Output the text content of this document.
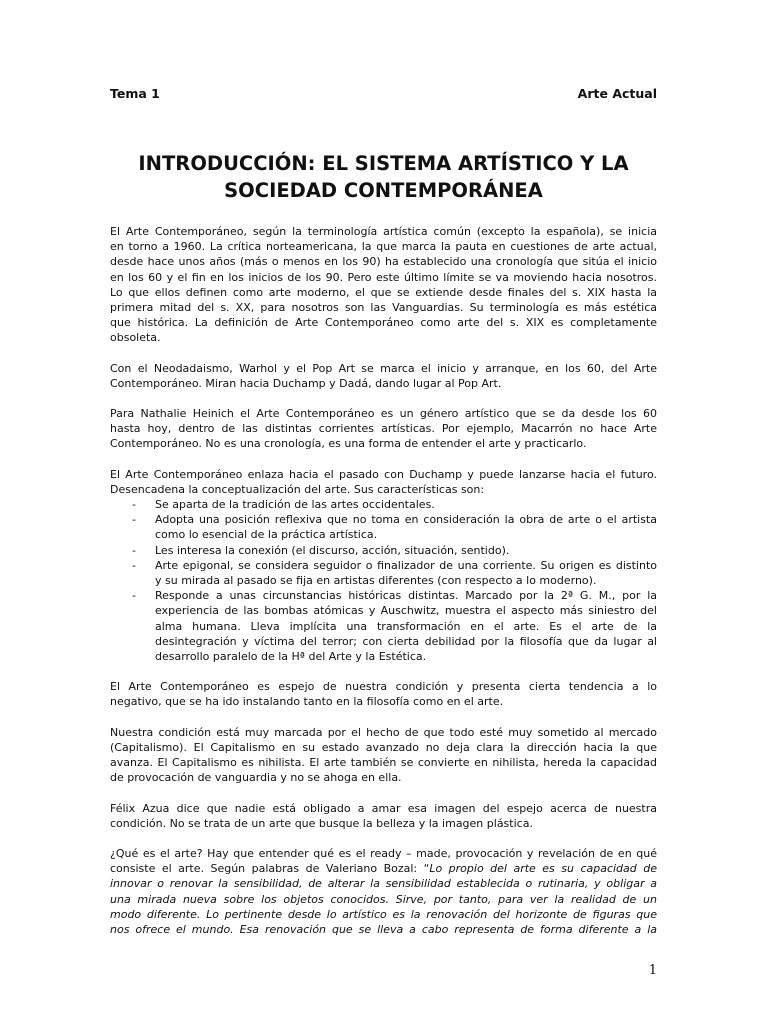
Tema 1	Arte Actual
INTRODUCCIÓN: EL SISTEMA ARTÍSTICO Y LA
SOCIEDAD CONTEMPORÁNEA

El Arte Contemporáneo, según la terminología artística común (excepto la española), se inicia
en torno a 1960. La crítica norteamericana, la que marca la pauta en cuestiones de arte actual,
desde hace unos años (más o menos en los 90) ha establecido una cronología que sitúa el inicio
en los 60 y el fin en los inicios de los 90. Pero este último límite se va moviendo hacia nosotros.
Lo que ellos definen como arte moderno, el que se extiende desde finales del s. XIX hasta la
primera mitad del s. XX, para nosotros son las Vanguardias. Su terminología es más estética
que histórica. La definición de Arte Contemporáneo como arte del s. XIX es completamente
obsoleta.

Con el Neodadaismo, Warhol y el Pop Art se marca el inicio y arranque, en los 60, del Arte
Contemporáneo. Miran hacia Duchamp y Dadá, dando lugar al Pop Art.

Para Nathalie Heinich el Arte Contemporáneo es un género artístico que se da desde los 60
hasta hoy, dentro de las distintas corrientes artísticas. Por ejemplo, Macarrón no hace Arte
Contemporáneo. No es una cronología, es una forma de entender el arte y practicarlo.

El Arte Contemporáneo enlaza hacia el pasado con Duchamp y puede lanzarse hacia el futuro.
Desencadena la conceptualización del arte. Sus características son:

- Se aparta de la tradición de las artes occidentales.
- Adopta una posición reflexiva que no toma en consideración la obra de arte o el artista
como lo esencial de la práctica artística.
- Les interesa la conexión (el discurso, acción, situación, sentido).
- Arte epigonal, se considera seguidor o finalizador de una corriente. Su origen es distinto
y su mirada al pasado se fija en artistas diferentes (con respecto a lo moderno).
- Responde a unas circunstancias históricas distintas. Marcado por la 2ª G. M., por la
experiencia de las bombas atómicas y Auschwitz, muestra el aspecto más siniestro del
alma humana. Lleva implícita una transformación en el arte. Es el arte de la
desintegración y víctima del terror; con cierta debilidad por la filosofía que da lugar al
desarrollo paralelo de la Hª del Arte y la Estética.

El Arte Contemporáneo es espejo de nuestra condición y presenta cierta tendencia a lo
negativo, que se ha ido instalando tanto en la filosofía como en el arte.

Nuestra condición está muy marcada por el hecho de que todo esté muy sometido al mercado
(Capitalismo). El Capitalismo en su estado avanzado no deja clara la dirección hacia la que
avanza. El Capitalismo es nihilista. El arte también se convierte en nihilista, hereda la capacidad
de provocación de vanguardia y no se ahoga en ella.

Félix Azua dice que nadie está obligado a amar esa imagen del espejo acerca de nuestra
condición. No se trata de un arte que busque la belleza y la imagen plástica.

¿Qué es el arte? Hay que entender qué es el ready – made, provocación y revelación de en qué
consiste el arte. Según palabras de Valeriano Bozal: “Lo propio del arte es su capacidad de
innovar o renovar la sensibilidad, de alterar la sensibilidad establecida o rutinaria, y obligar a
una mirada nueva sobre los objetos conocidos. Sirve, por tanto, para ver la realidad de un
modo diferente. Lo pertinente desde lo artístico es la renovación del horizonte de figuras que
nos ofrece el mundo. Esa renovación que se lleva a cabo representa de forma diferente a la

1
